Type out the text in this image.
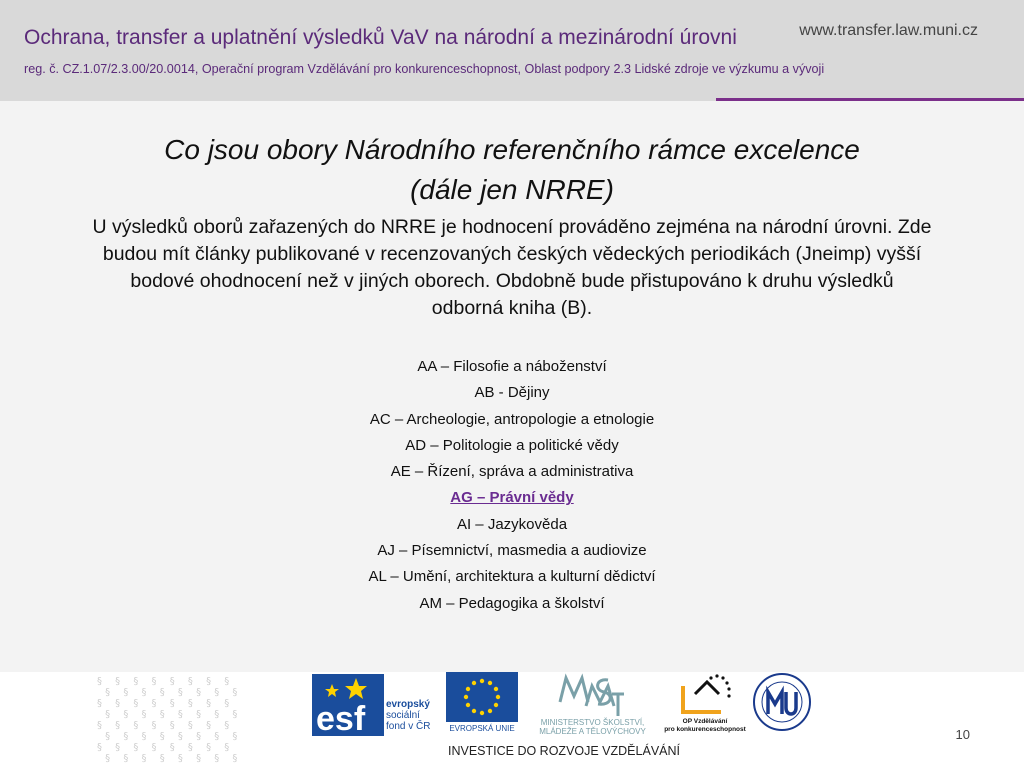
Ochrana, transfer a uplatnění výsledků VaV na národní a mezinárodní úrovni	www.transfer.law.muni.cz
reg. č. CZ.1.07/2.3.00/20.0014, Operační program Vzdělávání pro konkurenceschopnost, Oblast podpory 2.3 Lidské zdroje ve výzkumu a vývoji
Co jsou obory Národního referenčního rámce excelence
(dále jen NRRE)
U výsledků oborů zařazených do NRRE je hodnocení prováděno zejména na národní úrovni. Zde budou mít články publikované v recenzovaných českých vědeckých periodikách (Jneimp) vyšší bodové ohodnocení než v jiných oborech. Obdobně bude přistupováno k druhu výsledků odborná kniha (B).
AA – Filosofie a náboženství
AB - Dějiny
AC – Archeologie, antropologie a etnologie
AD – Politologie a politické vědy
AE – Řízení, správa a administrativa
AG – Právní vědy
AI – Jazykověda
AJ – Písemnictví, masmedia a audiovize
AL – Umění, architektura a kulturní dědictví
AM – Pedagogika a školství
§ § § § § § § §
§ § § § § § § §
§ § § § § § § §
§ § § § § § § §
§ § § § § § § §
§ § § § § § § §
§ § § § § § § §
§ § § § § § § §
esf evropský
sociální
fond v ČR	EVROPSKÁ UNIE
MINISTERSTVO ŠKOLSTVÍ,
MLÁDEŽE A TĚLOVÝCHOVY
OP Vzdělávání
pro konkurenceschopnost
INVESTICE DO ROZVOJE VZDĚLÁVÁNÍ
10
